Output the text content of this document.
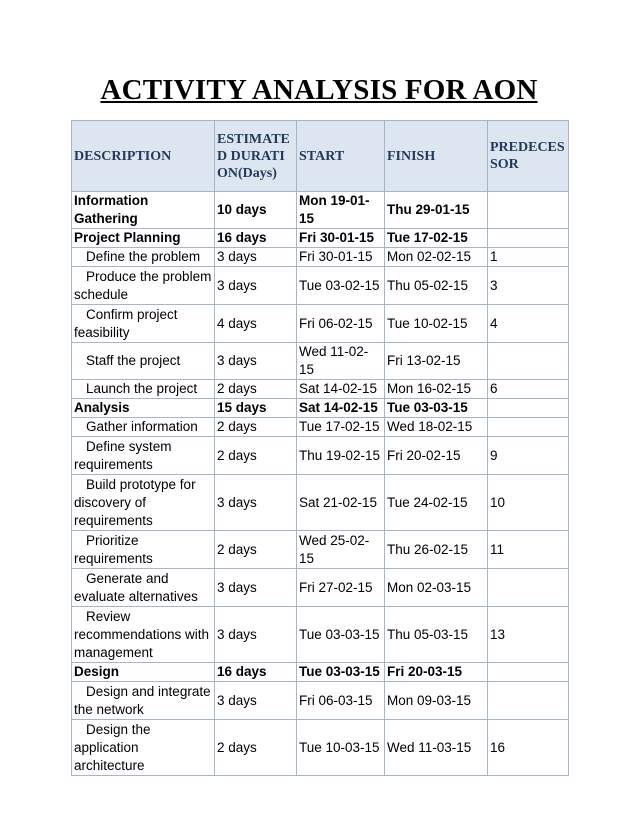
ACTIVITY ANALYSIS FOR AON
DESCRIPTION	ESTIMATED DURATION(Days)	START	FINISH	PREDECESSOR
Information Gathering	10 days	Mon 19-01-15	Thu 29-01-15	
Project Planning	16 days	Fri 30-01-15	Tue 17-02-15	
Define the problem	3 days	Fri 30-01-15	Mon 02-02-15	1
Produce the problem schedule	3 days	Tue 03-02-15	Thu 05-02-15	3
Confirm project feasibility	4 days	Fri 06-02-15	Tue 10-02-15	4
Staff the project	3 days	Wed 11-02-15	Fri 13-02-15	
Launch the project	2 days	Sat 14-02-15	Mon 16-02-15	6
Analysis	15 days	Sat 14-02-15	Tue 03-03-15	
Gather information	2 days	Tue 17-02-15	Wed 18-02-15	
Define system requirements	2 days	Thu 19-02-15	Fri 20-02-15	9
Build prototype for discovery of requirements	3 days	Sat 21-02-15	Tue 24-02-15	10
Prioritize requirements	2 days	Wed 25-02-15	Thu 26-02-15	11
Generate and evaluate alternatives	3 days	Fri 27-02-15	Mon 02-03-15	
Review recommendations with management	3 days	Tue 03-03-15	Thu 05-03-15	13
Design	16 days	Tue 03-03-15	Fri 20-03-15	
Design and integrate the network	3 days	Fri 06-03-15	Mon 09-03-15	
Design the application architecture	2 days	Tue 10-03-15	Wed 11-03-15	16
